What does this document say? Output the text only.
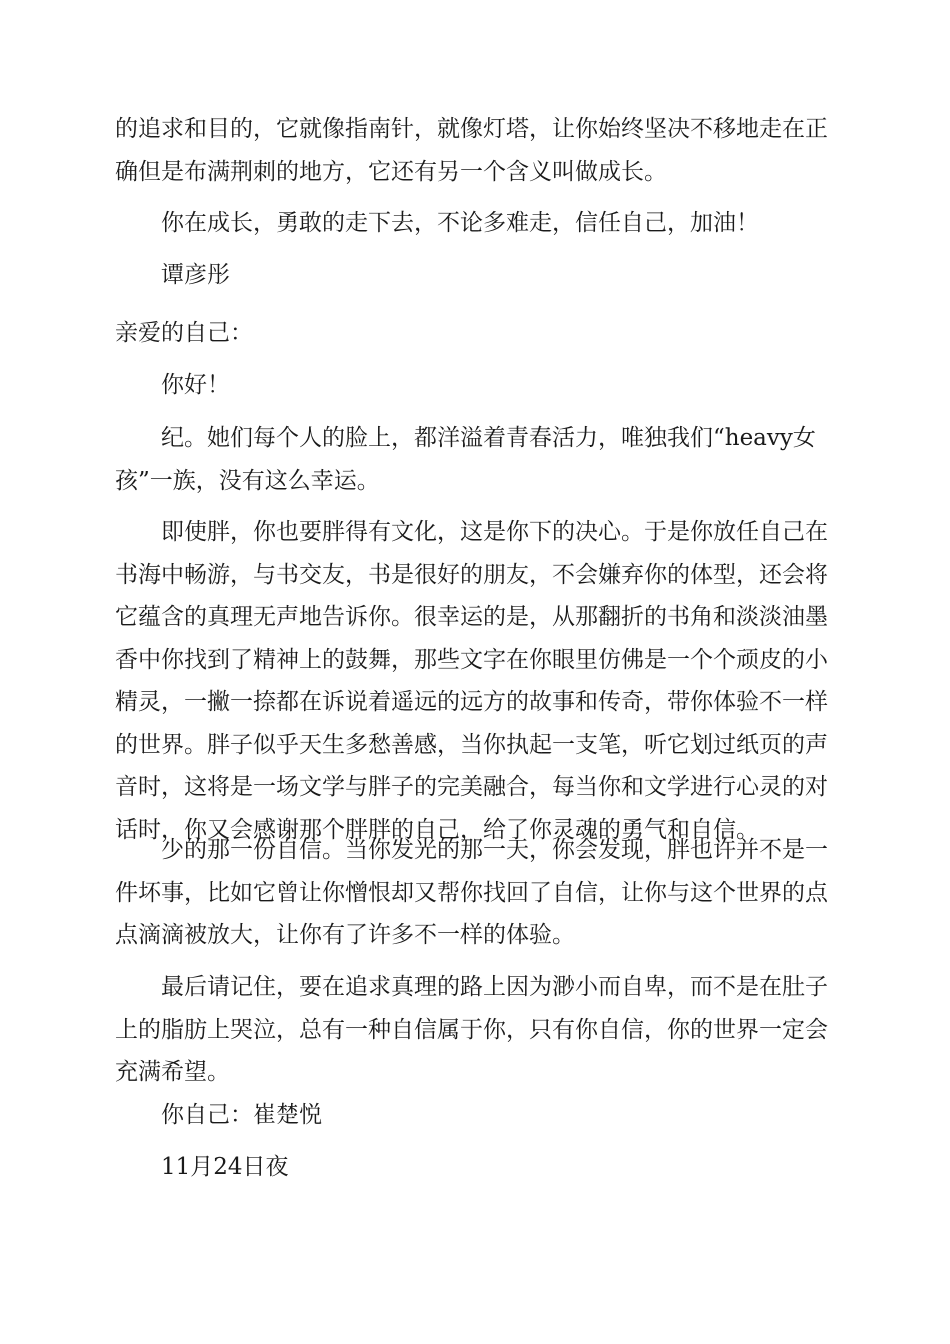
的追求和目的，它就像指南针，就像灯塔，让你始终坚决不移地走在正确但是布满荆刺的地方，它还有另一个含义叫做成长。

你在成长，勇敢的走下去，不论多难走，信任自己，加油！

谭彦彤

亲爱的自己：

你好！

纪。她们每个人的脸上，都洋溢着青春活力，唯独我们“heavy女孩”一族，没有这么幸运。

即使胖，你也要胖得有文化，这是你下的决心。于是你放任自己在书海中畅游，与书交友，书是很好的朋友，不会嫌弃你的体型，还会将它蕴含的真理无声地告诉你。很幸运的是，从那翻折的书角和淡淡油墨香中你找到了精神上的鼓舞，那些文字在你眼里仿佛是一个个顽皮的小精灵，一撇一捺都在诉说着遥远的远方的故事和传奇，带你体验不一样的世界。胖子似乎天生多愁善感，当你执起一支笔，听它划过纸页的声音时，这将是一场文学与胖子的完美融合，每当你和文学进行心灵的对话时，你又会感谢那个胖胖的自己，给了你灵魂的勇气和自信。

少的那一份自信。当你发光的那一天，你会发现，胖也许并不是一件坏事，比如它曾让你憎恨却又帮你找回了自信，让你与这个世界的点点滴滴被放大，让你有了许多不一样的体验。

最后请记住，要在追求真理的路上因为渺小而自卑，而不是在肚子上的脂肪上哭泣，总有一种自信属于你，只有你自信，你的世界一定会充满希望。

你自己：崔楚悦

11月24日夜
